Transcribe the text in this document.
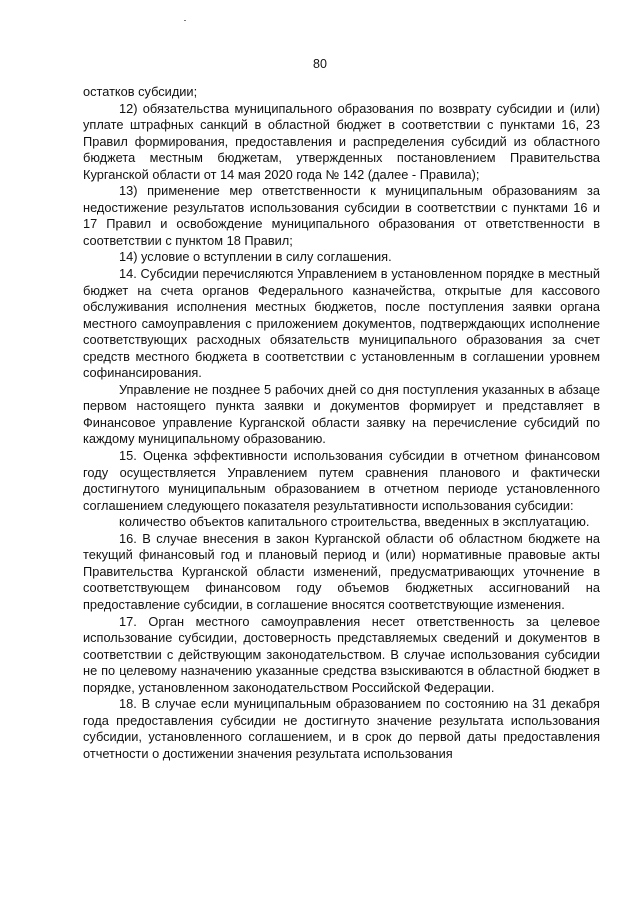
80

остатков субсидии;

12) обязательства муниципального образования по возврату субсидии и (или) уплате штрафных санкций в областной бюджет в соответствии с пунктами 16, 23 Правил формирования, предоставления и распределения субсидий из областного бюджета местным бюджетам, утвержденных постановлением Правительства Курганской области от 14 мая 2020 года № 142 (далее - Правила);

13) применение мер ответственности к муниципальным образованиям за недостижение результатов использования субсидии в соответствии с пунктами 16 и 17 Правил и освобождение муниципального образования от ответственности в соответствии с пунктом 18 Правил;

14) условие о вступлении в силу соглашения.

14. Субсидии перечисляются Управлением в установленном порядке в местный бюджет на счета органов Федерального казначейства, открытые для кассового обслуживания исполнения местных бюджетов, после поступления заявки органа местного самоуправления с приложением документов, подтверждающих исполнение соответствующих расходных обязательств муниципального образования за счет средств местного бюджета в соответствии с установленным в соглашении уровнем софинансирования.

Управление не позднее 5 рабочих дней со дня поступления указанных в абзаце первом настоящего пункта заявки и документов формирует и представляет в Финансовое управление Курганской области заявку на перечисление субсидий по каждому муниципальному образованию.

15. Оценка эффективности использования субсидии в отчетном финансовом году осуществляется Управлением путем сравнения планового и фактически достигнутого муниципальным образованием в отчетном периоде установленного соглашением следующего показателя результативности использования субсидии:

количество объектов капитального строительства, введенных в эксплуатацию.

16. В случае внесения в закон Курганской области об областном бюджете на текущий финансовый год и плановый период и (или) нормативные правовые акты Правительства Курганской области изменений, предусматривающих уточнение в соответствующем финансовом году объемов бюджетных ассигнований на предоставление субсидии, в соглашение вносятся соответствующие изменения.

17. Орган местного самоуправления несет ответственность за целевое использование субсидии, достоверность представляемых сведений и документов в соответствии с действующим законодательством. В случае использования субсидии не по целевому назначению указанные средства взыскиваются в областной бюджет в порядке, установленном законодательством Российской Федерации.

18. В случае если муниципальным образованием по состоянию на 31 декабря года предоставления субсидии не достигнуто значение результата использования субсидии, установленного соглашением, и в срок до первой даты предоставления отчетности о достижении значения результата использования
